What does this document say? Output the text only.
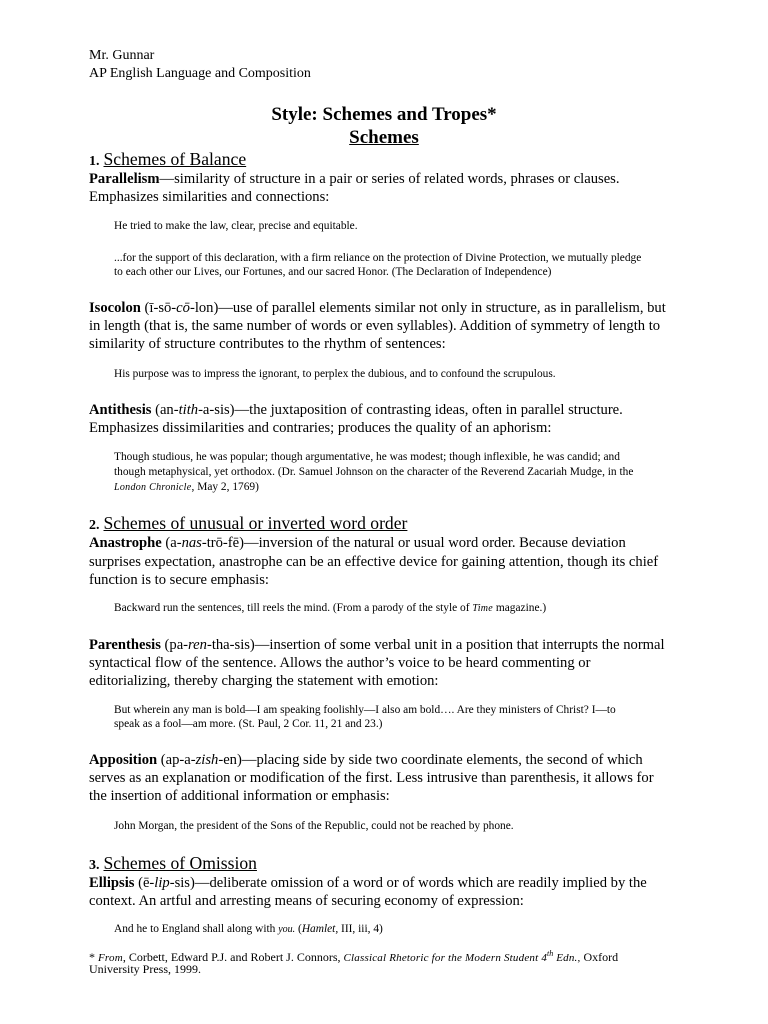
Mr. Gunnar
AP English Language and Composition
Style: Schemes and Tropes*
Schemes
1. Schemes of Balance
Parallelism—similarity of structure in a pair or series of related words, phrases or clauses.
Emphasizes similarities and connections:
He tried to make the law, clear, precise and equitable.
...for the support of this declaration, with a firm reliance on the protection of Divine Protection, we mutually pledge
to each other our Lives, our Fortunes, and our sacred Honor. (The Declaration of Independence)
Isocolon (ī-sō-cō-lon)—use of parallel elements similar not only in structure, as in parallelism, but
in length (that is, the same number of words or even syllables). Addition of symmetry of length to
similarity of structure contributes to the rhythm of sentences:
His purpose was to impress the ignorant, to perplex the dubious, and to confound the scrupulous.
Antithesis (an-tith-a-sis)—the juxtaposition of contrasting ideas, often in parallel structure.
Emphasizes dissimilarities and contraries; produces the quality of an aphorism:
Though studious, he was popular; though argumentative, he was modest; though inflexible, he was candid; and
though metaphysical, yet orthodox. (Dr. Samuel Johnson on the character of the Reverend Zacariah Mudge, in the
London Chronicle, May 2, 1769)
2. Schemes of unusual or inverted word order
Anastrophe (a-nas-trō-fē)—inversion of the natural or usual word order. Because deviation
surprises expectation, anastrophe can be an effective device for gaining attention, though its chief
function is to secure emphasis:
Backward run the sentences, till reels the mind. (From a parody of the style of Time magazine.)
Parenthesis (pa-ren-tha-sis)—insertion of some verbal unit in a position that interrupts the normal
syntactical flow of the sentence. Allows the author’s voice to be heard commenting or
editorializing, thereby charging the statement with emotion:
But wherein any man is bold—I am speaking foolishly—I also am bold…. Are they ministers of Christ? I—to
speak as a fool—am more. (St. Paul, 2 Cor. 11, 21 and 23.)
Apposition (ap-a-zish-en)—placing side by side two coordinate elements, the second of which
serves as an explanation or modification of the first. Less intrusive than parenthesis, it allows for
the insertion of additional information or emphasis:
John Morgan, the president of the Sons of the Republic, could not be reached by phone.
3. Schemes of Omission
Ellipsis (ē-lip-sis)—deliberate omission of a word or of words which are readily implied by the
context. An artful and arresting means of securing economy of expression:
And he to England shall along with you. (Hamlet, III, iii, 4)
* From, Corbett, Edward P.J. and Robert J. Connors, Classical Rhetoric for the Modern Student 4th Edn., Oxford
University Press, 1999.
